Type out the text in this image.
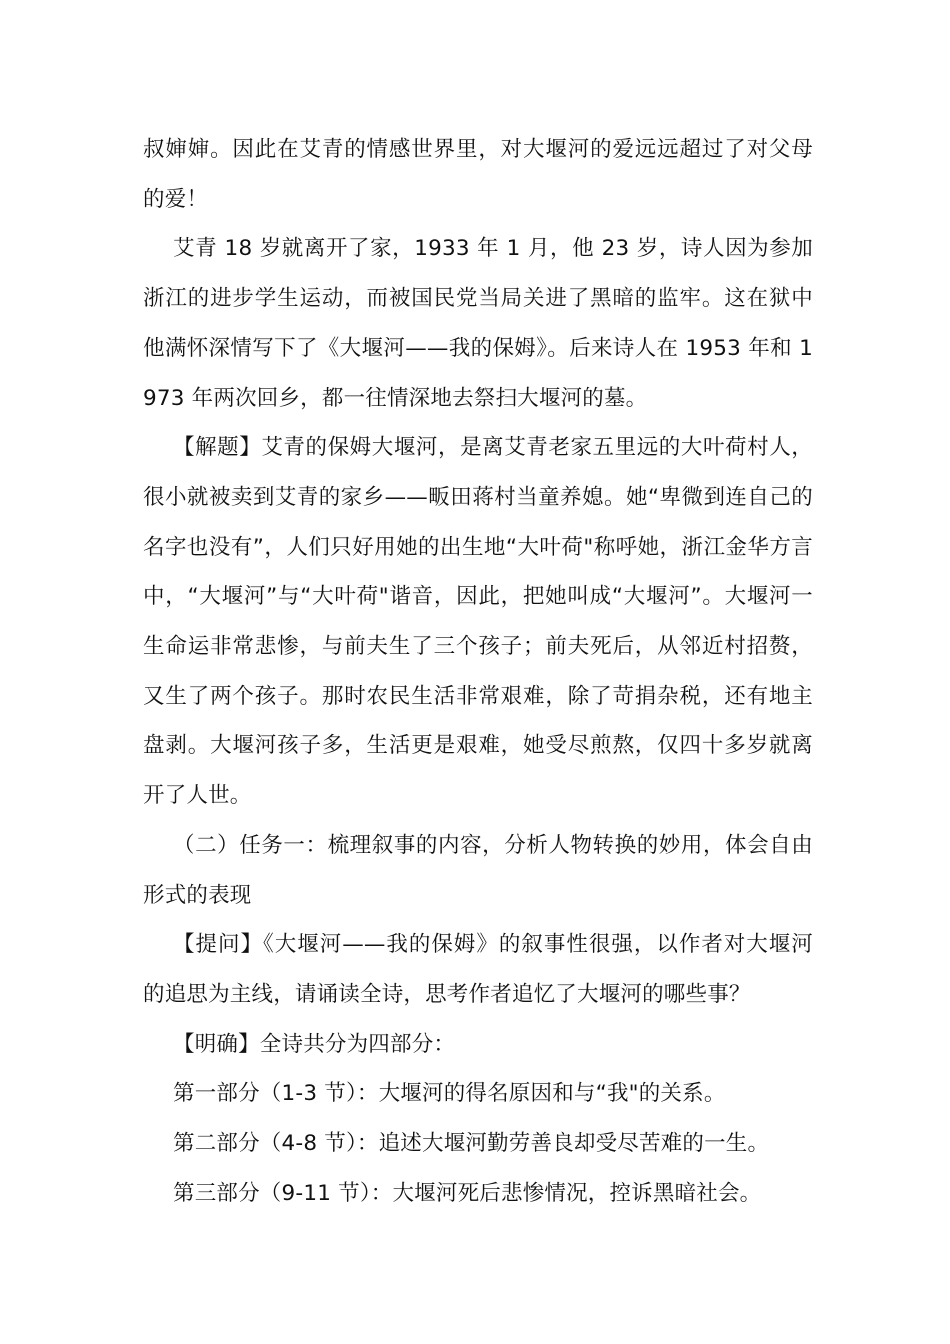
叔婶婶。因此在艾青的情感世界里，对大堰河的爱远远超过了对父母的爱！

艾青 18 岁就离开了家，1933 年 1 月，他 23 岁，诗人因为参加浙江的进步学生运动，而被国民党当局关进了黑暗的监牢。这在狱中他满怀深情写下了《大堰河——我的保姆》。后来诗人在 1953 年和 1973 年两次回乡，都一往情深地去祭扫大堰河的墓。

【解题】艾青的保姆大堰河，是离艾青老家五里远的大叶荷村人，很小就被卖到艾青的家乡——畈田蒋村当童养媳。她“卑微到连自己的名字也没有”，人们只好用她的出生地“大叶荷"称呼她，浙江金华方言中，“大堰河”与“大叶荷"谐音，因此，把她叫成“大堰河”。大堰河一生命运非常悲惨，与前夫生了三个孩子；前夫死后，从邻近村招赘，又生了两个孩子。那时农民生活非常艰难，除了苛捐杂税，还有地主盘剥。大堰河孩子多，生活更是艰难，她受尽煎熬，仅四十多岁就离开了人世。

（二）任务一：梳理叙事的内容，分析人物转换的妙用，体会自由形式的表现

【提问】《大堰河——我的保姆》的叙事性很强，以作者对大堰河的追思为主线，请诵读全诗，思考作者追忆了大堰河的哪些事？

【明确】全诗共分为四部分：

第一部分（1-3 节）：大堰河的得名原因和与“我"的关系。

第二部分（4-8 节）：追述大堰河勤劳善良却受尽苦难的一生。

第三部分（9-11 节）：大堰河死后悲惨情况，控诉黑暗社会。
